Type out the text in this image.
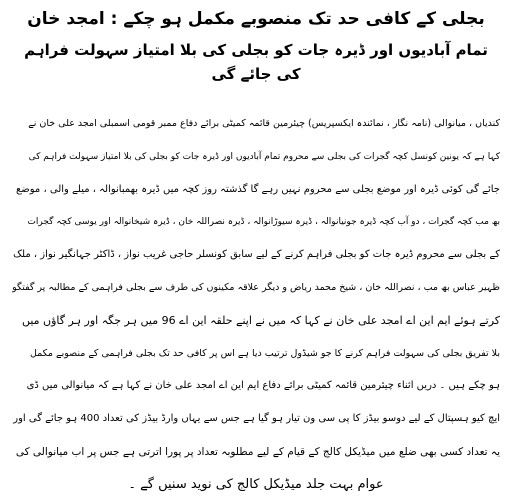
بجلی کے کافی حد تک منصوبے مکمل ہو چکے : امجد خان
تمام آبادیوں اور ڈیرہ جات کو بجلی کی بلا امتیاز سہولت فراہم کی جائے گی
کندیاں ، میانوالی (نامہ نگار ، نمائندہ ایکسپریس) چیئرمین قائمہ کمیٹی برائے دفاع ممبر قومی اسمبلی امجد علی خان نے
کہا ہے کہ یونین کونسل کچہ گجرات کی بجلی سے محروم تمام آبادیوں اور ڈیرہ جات کو بجلی کی بلا امتیاز سہولت فراہم کی
جائے گی کوئی ڈیرہ اور موضع بجلی سے محروم نہیں رہے گا گذشتہ روز کچہ میں ڈیرہ بھمبانوالہ ، میلے والی ، موضع
بھ مب کچہ گجرات ، دو آب کچہ ڈیرہ جونیانوالہ ، ڈیرہ سیوڑانوالہ ، ڈیرہ نصراللہ خان ، ڈیرہ شیخانوالہ اور یوسی کچہ گجرات
کے بجلی سے محروم ڈیرہ جات کو بجلی فراہم کرنے کے لیے سابق کونسلر حاجی غریب نواز ، ڈاکٹر جہانگیر نواز ، ملک
ظہیر عباس بھ مب ، نصراللہ خان ، شیخ محمد ریاض و دیگر علاقہ مکینوں کی طرف سے بجلی فراہمی کے مطالبہ پر گفتگو
کرتے ہوئے ایم این اے امجد علی خان نے کہا کہ میں نے اپنے حلقہ این اے 96 میں ہر جگہ اور ہر گاؤں میں
بلا تفریق بجلی کی سہولت فراہم کرنے کا جو شیڈول ترتیب دیا ہے اس پر کافی حد تک بجلی فراہمی کے منصوبے مکمل
ہو چکے ہیں ۔ دریں اثناء چیئرمین قائمہ کمیٹی برائے دفاع ایم این اے امجد علی خان نے کہا ہے کہ میانوالی میں ڈی
ایچ کیو ہسپتال کے لیے دوسو بیڈز کا پی سی ون تیار ہو گیا ہے جس سے یہاں وارڈ بیڈز کی تعداد 400 ہو جائے گی اور
یہ تعداد کسی بھی ضلع میں میڈیکل کالج کے قیام کے لیے مطلوبہ تعداد پر پورا اترتی ہے جس پر اب میانوالی کی
عوام بہت جلد میڈیکل کالج کی نوید سنیں گے ۔
